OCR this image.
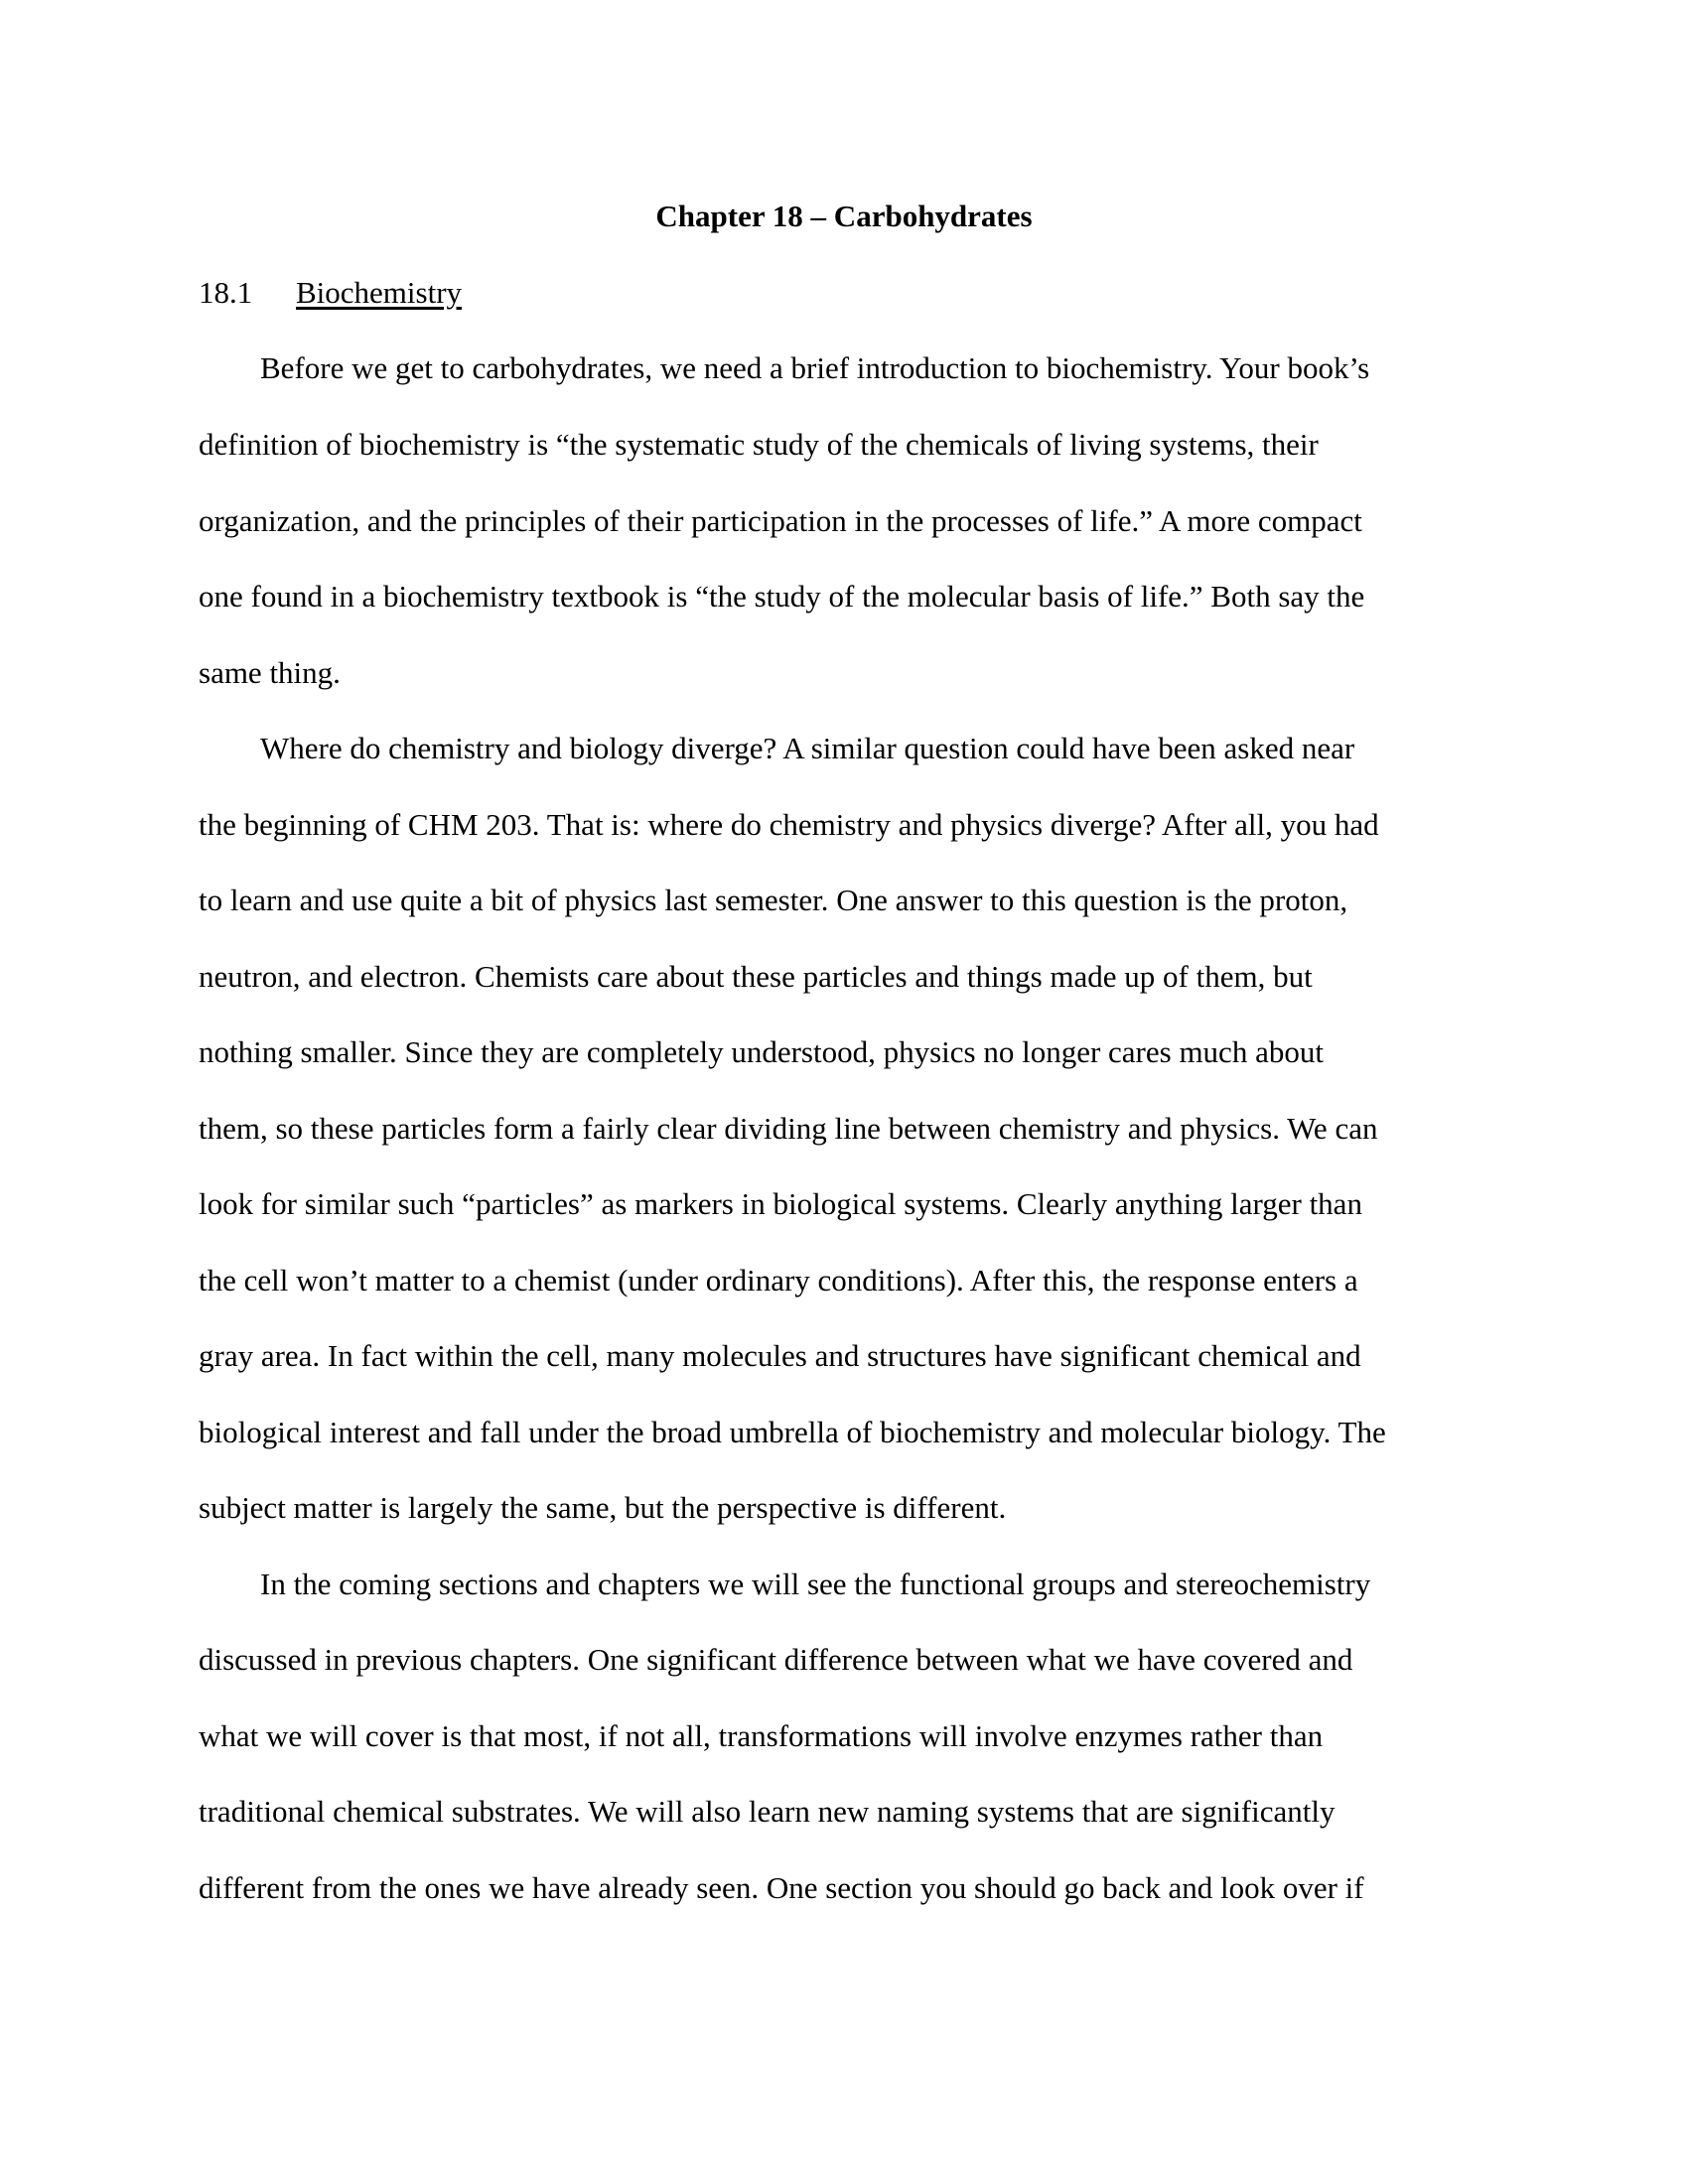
Chapter 18 – Carbohydrates
18.1 Biochemistry

Before we get to carbohydrates, we need a brief introduction to biochemistry. Your book’s

definition of biochemistry is “the systematic study of the chemicals of living systems, their

organization, and the principles of their participation in the processes of life.” A more compact

one found in a biochemistry textbook is “the study of the molecular basis of life.” Both say the

same thing.

Where do chemistry and biology diverge? A similar question could have been asked near

the beginning of CHM 203. That is: where do chemistry and physics diverge? After all, you had

to learn and use quite a bit of physics last semester. One answer to this question is the proton,

neutron, and electron. Chemists care about these particles and things made up of them, but

nothing smaller. Since they are completely understood, physics no longer cares much about

them, so these particles form a fairly clear dividing line between chemistry and physics. We can

look for similar such “particles” as markers in biological systems. Clearly anything larger than

the cell won’t matter to a chemist (under ordinary conditions). After this, the response enters a

gray area. In fact within the cell, many molecules and structures have significant chemical and

biological interest and fall under the broad umbrella of biochemistry and molecular biology. The

subject matter is largely the same, but the perspective is different.

In the coming sections and chapters we will see the functional groups and stereochemistry

discussed in previous chapters. One significant difference between what we have covered and

what we will cover is that most, if not all, transformations will involve enzymes rather than

traditional chemical substrates. We will also learn new naming systems that are significantly

different from the ones we have already seen. One section you should go back and look over if
